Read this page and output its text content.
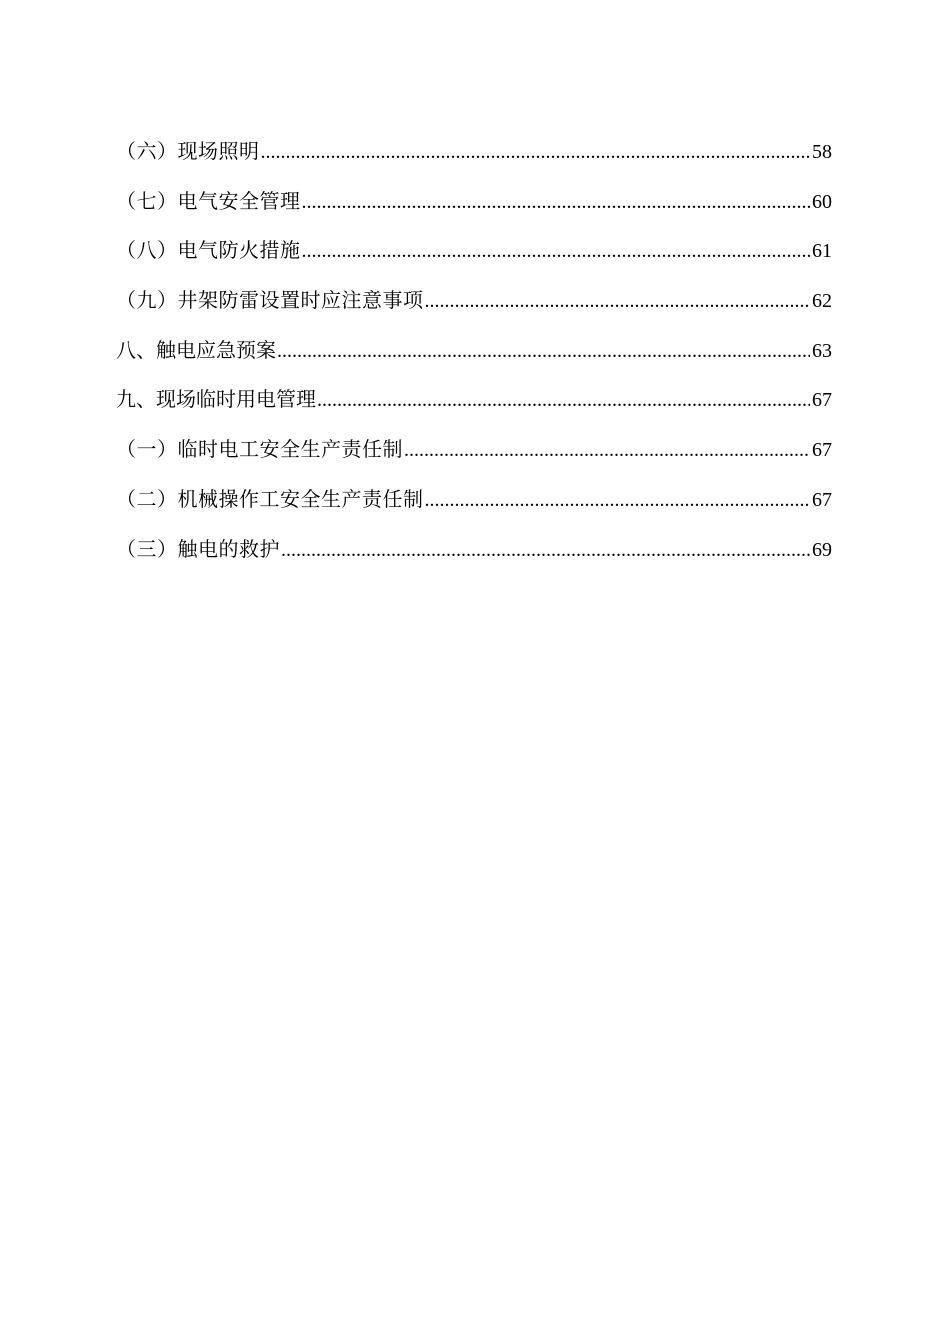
（六）现场照明 .....	58
（七）电气安全管理 .....	60
（八）电气防火措施 .....	61
（九）井架防雷设置时应注意事项 .....	62
八、触电应急预案 .....	63
九、现场临时用电管理 .....	67
（一）临时电工安全生产责任制 .....	67
（二）机械操作工安全生产责任制 .....	67
（三）触电的救护 .....	69
